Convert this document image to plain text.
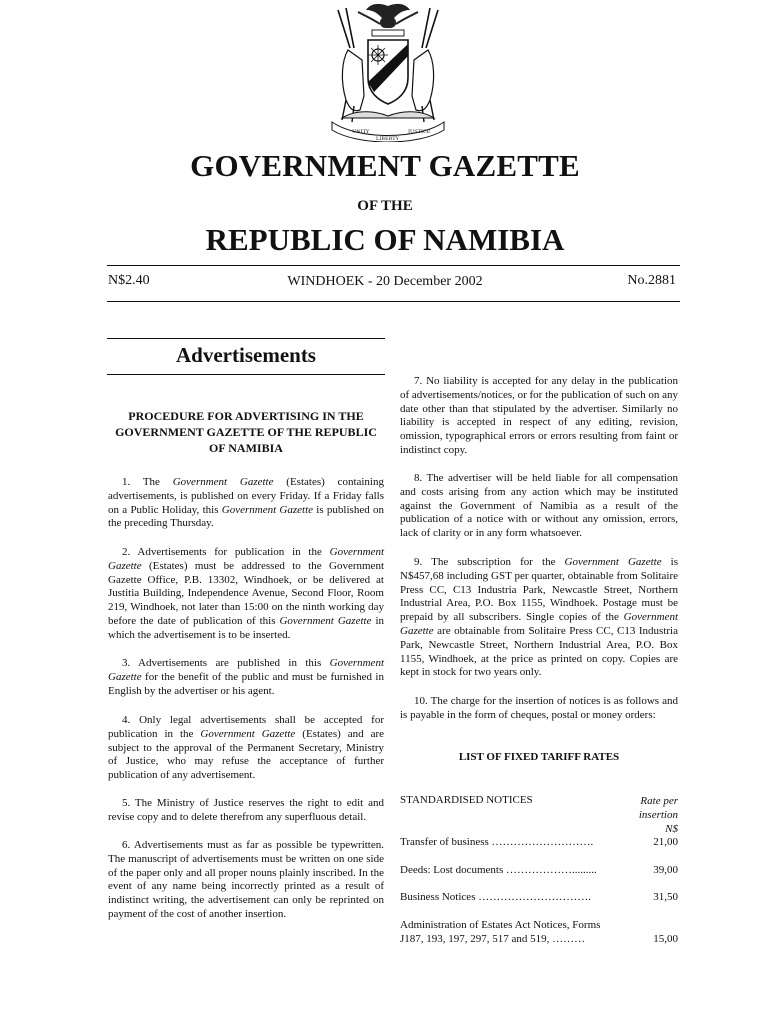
UNITY
LIBERTY
JUSTICE
GOVERNMENT GAZETTE
OF THE
REPUBLIC OF NAMIBIA
N$2.40	WINDHOEK - 20 December 2002	No.2881
Advertisements
PROCEDURE FOR ADVERTISING IN THE GOVERNMENT GAZETTE OF THE REPUBLIC OF NAMIBIA
1. The Government Gazette (Estates) containing advertisements, is published on every Friday. If a Friday falls on a Public Holiday, this Government Gazette is published on the preceding Thursday.
2. Advertisements for publication in the Government Gazette (Estates) must be addressed to the Government Gazette Office, P.B. 13302, Windhoek, or be delivered at Justitia Building, Independence Avenue, Second Floor, Room 219, Windhoek, not later than 15:00 on the ninth working day before the date of publication of this Government Gazette in which the advertisement is to be inserted.
3. Advertisements are published in this Government Gazette for the benefit of the public and must be furnished in English by the advertiser or his agent.
4. Only legal advertisements shall be accepted for publication in the Government Gazette (Estates) and are subject to the approval of the Permanent Secretary, Ministry of Justice, who may refuse the acceptance of further publication of any advertisement.
5. The Ministry of Justice reserves the right to edit and revise copy and to delete therefrom any superfluous detail.
6. Advertisements must as far as possible be typewritten. The manuscript of advertisements must be written on one side of the paper only and all proper nouns plainly inscribed. In the event of any name being incorrectly printed as a result of indistinct writing, the advertisement can only be reprinted on payment of the cost of another insertion.
7. No liability is accepted for any delay in the publication of advertisements/notices, or for the publication of such on any date other than that stipulated by the advertiser. Similarly no liability is accepted in respect of any editing, revision, omission, typographical errors or errors resulting from faint or indistinct copy.
8. The advertiser will be held liable for all compensation and costs arising from any action which may be instituted against the Government of Namibia as a result of the publication of a notice with or without any omission, errors, lack of clarity or in any form whatsoever.
9. The subscription for the Government Gazette is N$457,68 including GST per quarter, obtainable from Solitaire Press CC, C13 Industria Park, Newcastle Street, Northern Industrial Area, P.O. Box 1155, Windhoek. Postage must be prepaid by all subscribers. Single copies of the Government Gazette are obtainable from Solitaire Press CC, C13 Industria Park, Newcastle Street, Northern Industrial Area, P.O. Box 1155, Windhoek, at the price as printed on copy. Copies are kept in stock for two years only.
10. The charge for the insertion of notices is as follows and is payable in the form of cheques, postal or money orders:
LIST OF FIXED TARIFF RATES
STANDARDISED NOTICES	Rate per
insertion
N$
Transfer of business ……………………….	21,00
Deeds: Lost documents ……………….........	39,00
Business Notices ………………………….	31,50
Administration of Estates Act Notices, Forms J187, 193, 197, 297, 517 and 519, ………	15,00
